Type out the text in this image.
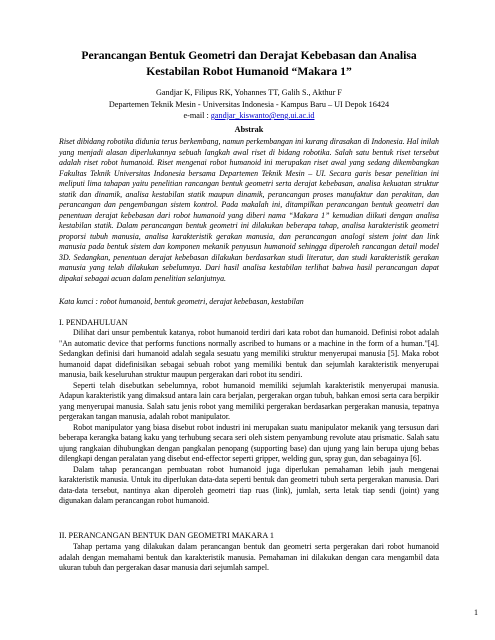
Perancangan Bentuk Geometri dan Derajat Kebebasan dan Analisa
Kestabilan Robot Humanoid “Makara 1”
Gandjar K, Filipus RK, Yohannes TT, Galih S., Akthur F
Departemen Teknik Mesin - Universitas Indonesia - Kampus Baru – UI Depok 16424
e-mail : gandjar_kiswanto@eng.ui.ac.id
Abstrak
Riset dibidang robotika didunia terus berkembang, namun perkembangan ini kurang dirasakan di Indonesia. Hal inilah yang menjadi alasan diperlukannya sebuah langkah awal riset di bidang robotika. Salah satu bentuk riset tersebut adalah riset robot humanoid. Riset mengenai robot humanoid ini merupakan riset awal yang sedang dikembangkan Fakultas Teknik Universitas Indonesia bersama Departemen Teknik Mesin – UI. Secara garis besar penelitian ini meliputi lima tahapan yaitu penelitian rancangan bentuk geometri serta derajat kebebasan, analisa kekuatan struktur statik dan dinamik, analisa kestabilan statik maupun dinamik, perancangan proses manufaktur dan perakitan, dan perancangan dan pengembangan sistem kontrol. Pada makalah ini, ditampilkan perancangan bentuk geometri dan penentuan derajat kebebasan dari robot humanoid yang diberi nama “Makara 1” kemudian diikuti dengan analisa kestabilan statik. Dalam perancangan bentuk geometri ini dilakukan beberapa tahap, analisa karakteristik geometri proporsi tubuh manusia, analisa karakteristik gerakan manusia, dan perancangan analogi sistem joint dan link manusia pada bentuk sistem dan komponen mekanik penyusun humanoid sehingga diperoleh rancangan detail model 3D. Sedangkan, penentuan derajat kebebasan dilakukan berdasarkan studi literatur, dan studi karakteristik gerakan manusia yang telah dilakukan sebelumnya. Dari hasil analisa kestabilan terlihat bahwa hasil perancangan dapat dipakai sebagai acuan dalam penelitian selanjutnya.
Kata kunci : robot humanoid, bentuk geometri, derajat kebebasan, kestabilan
I. PENDAHULUAN

Dilihat dari unsur pembentuk katanya, robot humanoid terdiri dari kata robot dan humanoid. Definisi robot adalah "An automatic device that performs functions normally ascribed to humans or a machine in the form of a human."[4]. Sedangkan definisi dari humanoid adalah segala sesuatu yang memiliki struktur menyerupai manusia [5]. Maka robot humanoid dapat didefinisikan sebagai sebuah robot yang memiliki bentuk dan sejumlah karakteristik menyerupai manusia, baik keseluruhan struktur maupun pergerakan dari robot itu sendiri.

Seperti telah disebutkan sebelumnya, robot humanoid memiliki sejumlah karakteristik menyerupai manusia. Adapun karakteristik yang dimaksud antara lain cara berjalan, pergerakan organ tubuh, bahkan emosi serta cara berpikir yang menyerupai manusia. Salah satu jenis robot yang memiliki pergerakan berdasarkan pergerakan manusia, tepatnya pergerakan tangan manusia, adalah robot manipulator.

Robot manipulator yang biasa disebut robot industri ini merupakan suatu manipulator mekanik yang tersusun dari beberapa kerangka batang kaku yang terhubung secara seri oleh sistem penyambung revolute atau prismatic. Salah satu ujung rangkaian dihubungkan dengan pangkalan penopang (supporting base) dan ujung yang lain berupa ujung bebas dilengkapi dengan peralatan yang disebut end-effector seperti gripper, welding gun, spray gun, dan sebagainya [6].

Dalam tahap perancangan pembuatan robot humanoid juga diperlukan pemahaman lebih jauh mengenai karakteristik manusia. Untuk itu diperlukan data-data seperti bentuk dan geometri tubuh serta pergerakan manusia. Dari data-data tersebut, nantinya akan diperoleh geometri tiap ruas (link), jumlah, serta letak tiap sendi (joint) yang digunakan dalam perancangan robot humanoid.

II. PERANCANGAN BENTUK DAN GEOMETRI MAKARA 1

Tahap pertama yang dilakukan dalam perancangan bentuk dan geometri serta pergerakan dari robot humanoid adalah dengan memahami bentuk dan karakteristik manusia. Pemahaman ini dilakukan dengan cara mengambil data ukuran tubuh dan pergerakan dasar manusia dari sejumlah sampel.

1
